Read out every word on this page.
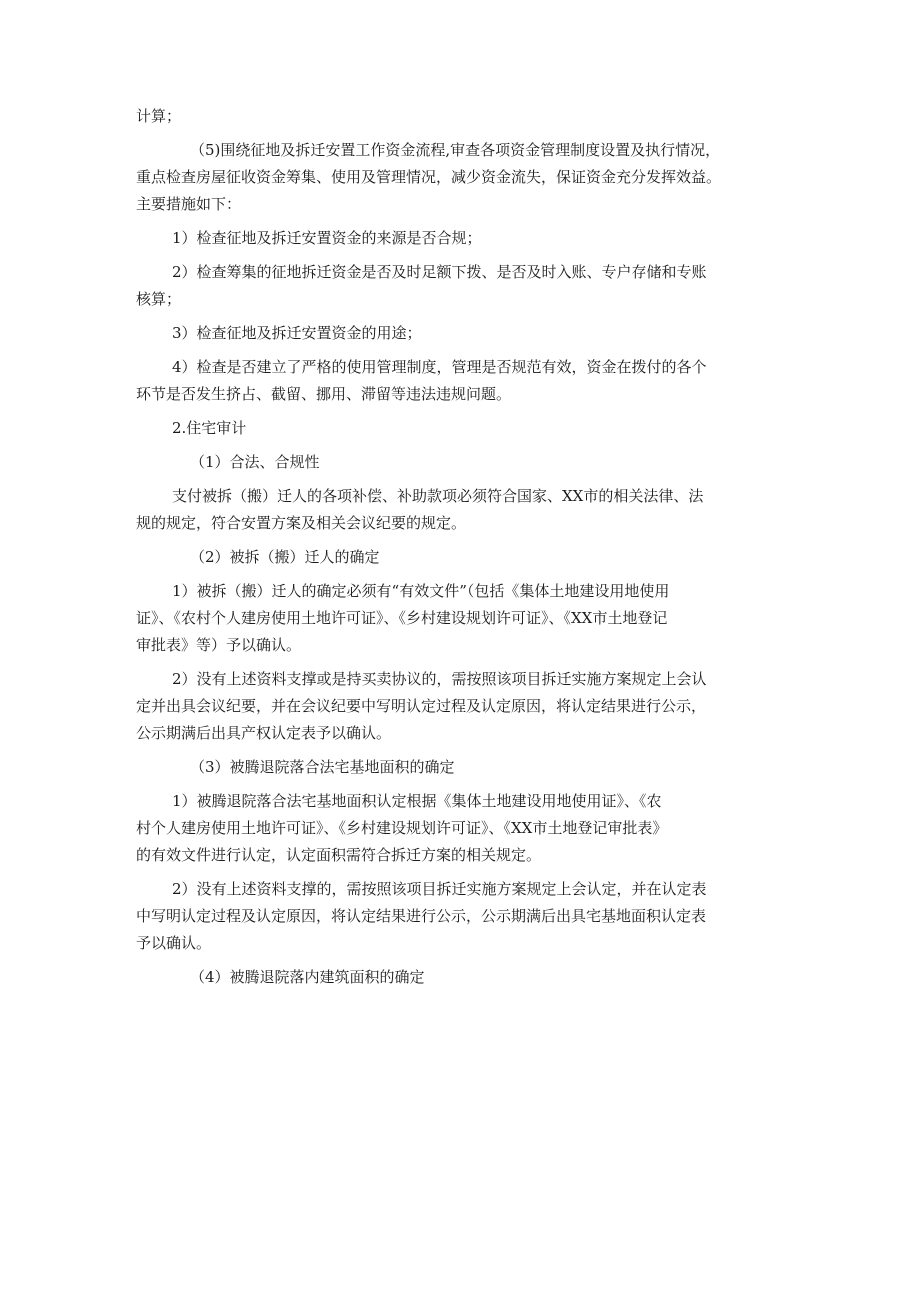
计算；
（5)围绕征地及拆迁安置工作资金流程,审查各项资金管理制度设置及执行情况，
重点检查房屋征收资金筹集、使用及管理情况，减少资金流失，保证资金充分发挥效益。
主要措施如下：
1）检查征地及拆迁安置资金的来源是否合规；
2）检查筹集的征地拆迁资金是否及时足额下拨、是否及时入账、专户存储和专账
核算；
3）检查征地及拆迁安置资金的用途；
4）检查是否建立了严格的使用管理制度，管理是否规范有效，资金在拨付的各个
环节是否发生挤占、截留、挪用、滞留等违法违规问题。
2.住宅审计
（1）合法、合规性
支付被拆（搬）迁人的各项补偿、补助款项必须符合国家、XX市的相关法律、法
规的规定，符合安置方案及相关会议纪要的规定。
（2）被拆（搬）迁人的确定
1）被拆（搬）迁人的确定必须有“有效文件”（包括《集体土地建设用地使用
证》、《农村个人建房使用土地许可证》、《乡村建设规划许可证》、《XX市土地登记
审批表》等）予以确认。
2）没有上述资料支撑或是持买卖协议的，需按照该项目拆迁实施方案规定上会认
定并出具会议纪要，并在会议纪要中写明认定过程及认定原因，将认定结果进行公示，
公示期满后出具产权认定表予以确认。
（3）被腾退院落合法宅基地面积的确定
1）被腾退院落合法宅基地面积认定根据《集体土地建设用地使用证》、《农
村个人建房使用土地许可证》、《乡村建设规划许可证》、《XX市土地登记审批表》
的有效文件进行认定，认定面积需符合拆迁方案的相关规定。
2）没有上述资料支撑的，需按照该项目拆迁实施方案规定上会认定，并在认定表
中写明认定过程及认定原因，将认定结果进行公示，公示期满后出具宅基地面积认定表
予以确认。
（4）被腾退院落内建筑面积的确定
